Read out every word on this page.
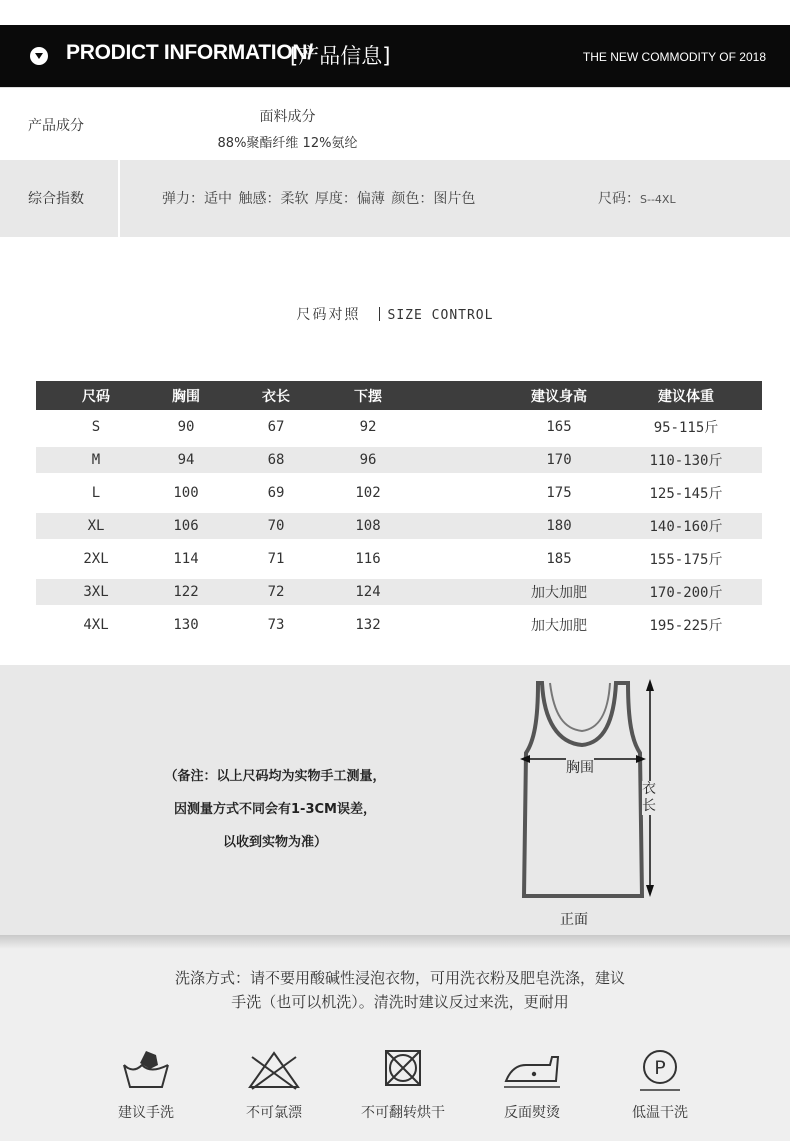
PRODICT INFORMATION/
[产品信息]	THE NEW COMMODITY OF 2018
产品成分
面料成分
88%聚酯纤维 12%氨纶
综合指数	弹力：适中 触感：柔软 厚度：偏薄 颜色：图片色	尺码：S--4XL
尺码对照 SIZE CONTROL
尺码	胸围	衣长	下摆	建议身高	建议体重
S	90	67	92	165	95-115斤
M	94	68	96	170	110-130斤
L	100	69	102	175	125-145斤
XL	106	70	108	180	140-160斤
2XL	114	71	116	185	155-175斤
3XL	122	72	124	加大加肥	170-200斤
4XL	130	73	132	加大加肥	195-225斤
（备注：以上尺码均为实物手工测量，
因测量方式不同会有1-3CM误差，
以收到实物为准）
胸围
衣长
正面
洗涤方式：请不要用酸碱性浸泡衣物，可用洗衣粉及肥皂洗涤，建议
手洗（也可以机洗）。清洗时建议反过来洗，更耐用
建议手洗	不可氯漂	不可翻转烘干	反面熨烫
P
低温干洗
